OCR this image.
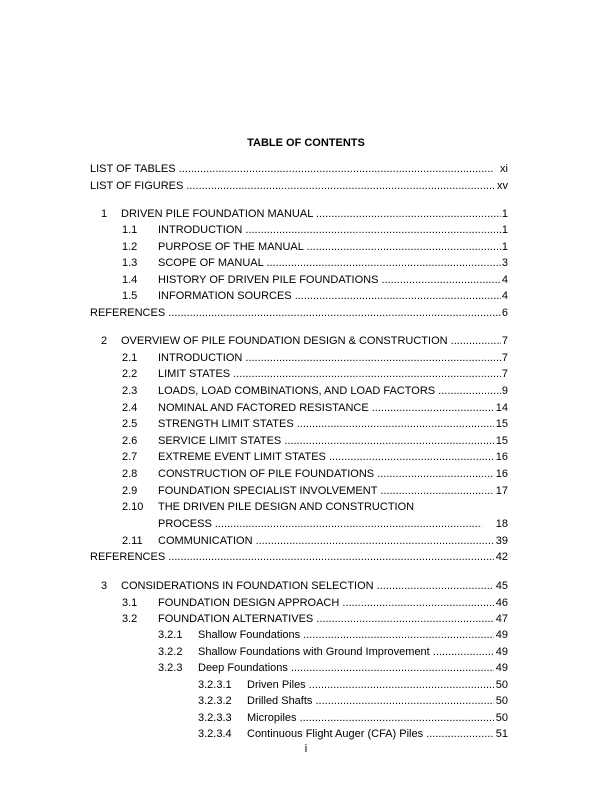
TABLE OF CONTENTS
LIST OF TABLES .....	xi
LIST OF FIGURES .....	xv
1 DRIVEN PILE FOUNDATION MANUAL .....	1
1.1 INTRODUCTION .....	1
1.2 PURPOSE OF THE MANUAL .....	1
1.3 SCOPE OF MANUAL .....	3
1.4 HISTORY OF DRIVEN PILE FOUNDATIONS .....	4
1.5 INFORMATION SOURCES .....	4
REFERENCES .....	6
2 OVERVIEW OF PILE FOUNDATION DESIGN & CONSTRUCTION .....	7
2.1 INTRODUCTION .....	7
2.2 LIMIT STATES .....	7
2.3 LOADS, LOAD COMBINATIONS, AND LOAD FACTORS .....	9
2.4 NOMINAL AND FACTORED RESISTANCE .....	14
2.5 STRENGTH LIMIT STATES .....	15
2.6 SERVICE LIMIT STATES .....	15
2.7 EXTREME EVENT LIMIT STATES .....	16
2.8 CONSTRUCTION OF PILE FOUNDATIONS .....	16
2.9 FOUNDATION SPECIALIST INVOLVEMENT .....	17
2.10 THE DRIVEN PILE DESIGN AND CONSTRUCTION
PROCESS .....	18
2.11 COMMUNICATION .....	39
REFERENCES .....	42
3 CONSIDERATIONS IN FOUNDATION SELECTION .....	45
3.1 FOUNDATION DESIGN APPROACH .....	46
3.2 FOUNDATION ALTERNATIVES .....	47
3.2.1 Shallow Foundations .....	49
3.2.2 Shallow Foundations with Ground Improvement .....	49
3.2.3 Deep Foundations .....	49
3.2.3.1 Driven Piles .....	50
3.2.3.2 Drilled Shafts .....	50
3.2.3.3 Micropiles .....	50
3.2.3.4 Continuous Flight Auger (CFA) Piles .....	51
i
